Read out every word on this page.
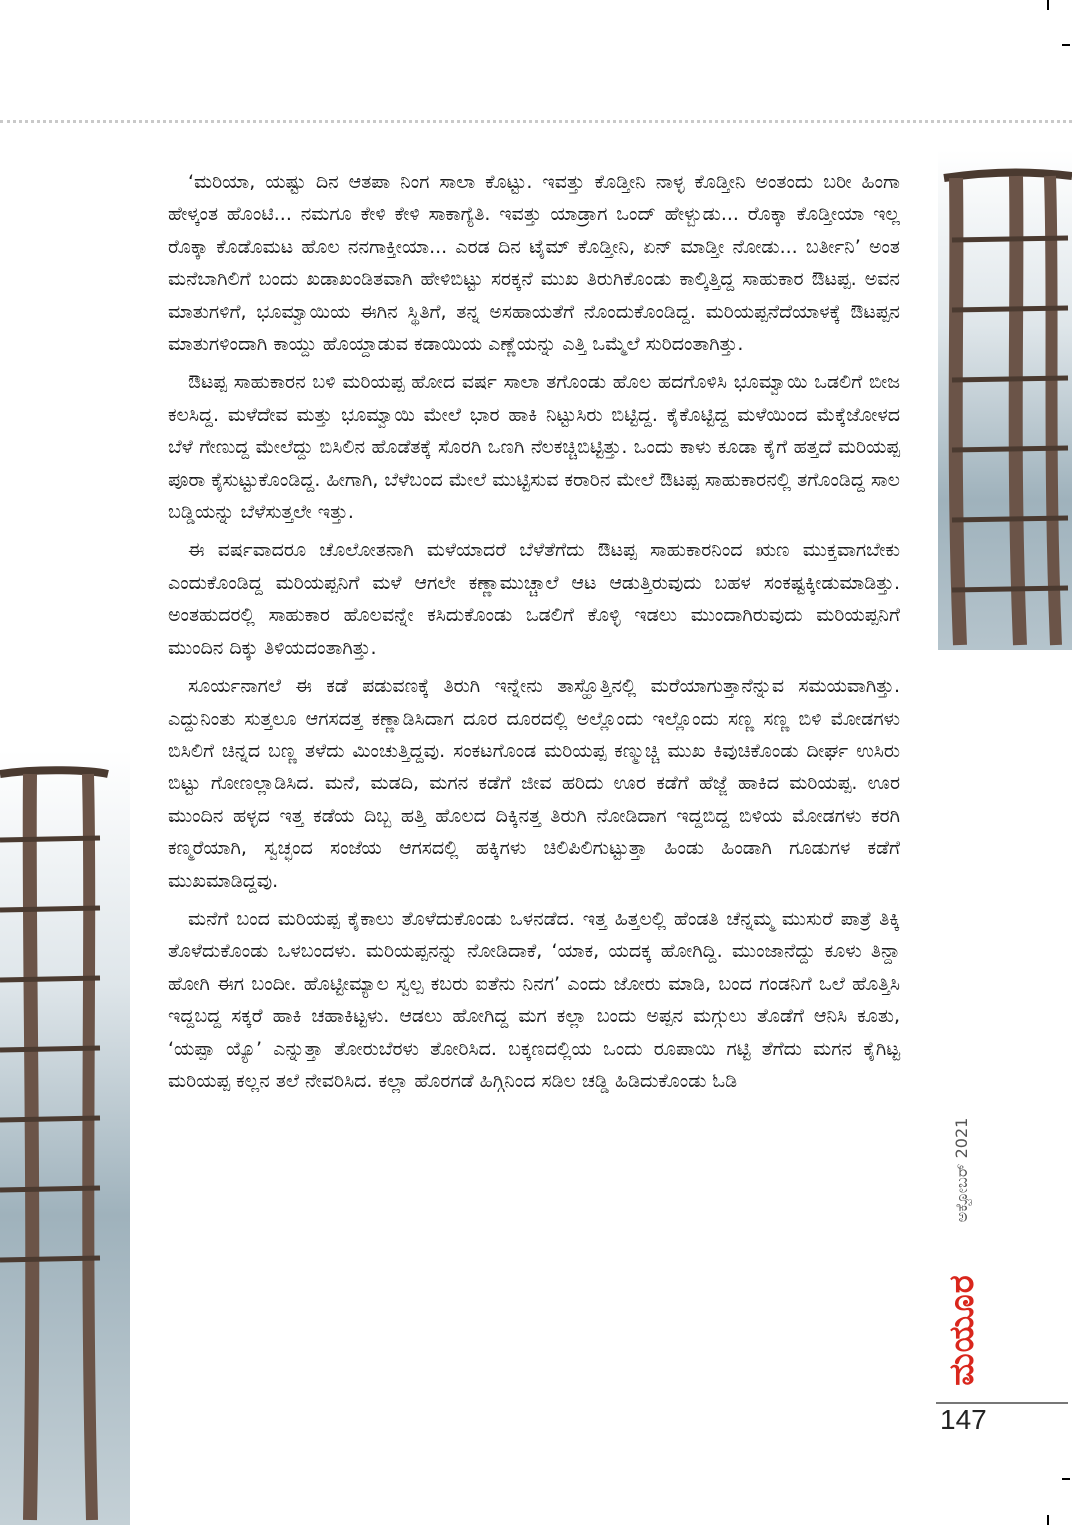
‘ಮರಿಯಾ, ಯಷ್ಟು ದಿನ ಆತಪಾ ನಿಂಗ ಸಾಲಾ ಕೊಟ್ಟು. ಇವತ್ತು ಕೊಡ್ತೀನಿ ನಾಳ್ಳ ಕೊಡ್ತೀನಿ ಅಂತಂದು ಬರೀ ಹಿಂಗಾ ಹೇಳ್ಕಂತ ಹೊಂಟಿ... ನಮಗೂ ಕೇಳಿ ಕೇಳಿ ಸಾಕಾಗ್ಯೆತಿ. ಇವತ್ತು ಯಾಡ್ರಾಗ ಒಂದ್ ಹೇಳ್ಬುಡು... ರೊಕ್ಕಾ ಕೊಡ್ತೀಯಾ ಇಲ್ಲ ರೊಕ್ಕಾ ಕೊಡೊಮಟ ಹೊಲ ನನಗಾಕ್ತೀಯಾ... ಎರಡ ದಿನ ಟೈಮ್ ಕೊಡ್ತೀನಿ, ಏನ್ ಮಾಡ್ತೀ ನೋಡು... ಬರ್ತೀನಿ’ ಅಂತ ಮನೆಬಾಗಿಲಿಗೆ ಬಂದು ಖಡಾಖಂಡಿತವಾಗಿ ಹೇಳಿಬಿಟ್ಟು ಸರಕ್ಕನೆ ಮುಖ ತಿರುಗಿಕೊಂಡು ಕಾಲ್ಕಿತ್ತಿದ್ದ ಸಾಹುಕಾರ ಔಟಪ್ಪ. ಅವನ ಮಾತುಗಳಿಗೆ, ಭೂಮ್ವಾಯಿಯ ಈಗಿನ ಸ್ಥಿತಿಗೆ, ತನ್ನ ಅಸಹಾಯತೆಗೆ ನೊಂದುಕೊಂಡಿದ್ದ. ಮರಿಯಪ್ಪನೆದೆಯಾಳಕ್ಕೆ ಔಟಪ್ಪನ ಮಾತುಗಳಿಂದಾಗಿ ಕಾಯ್ದು ಹೊಯ್ದಾಡುವ ಕಡಾಯಿಯ ಎಣ್ಣೆಯನ್ನು ಎತ್ತಿ ಒಮ್ಮೆಲೆ ಸುರಿದಂತಾಗಿತ್ತು.

ಔಟಪ್ಪ ಸಾಹುಕಾರನ ಬಳಿ ಮರಿಯಪ್ಪ ಹೋದ ವರ್ಷ ಸಾಲಾ ತಗೊಂಡು ಹೊಲ ಹದಗೊಳಿಸಿ ಭೂಮ್ವಾಯಿ ಒಡಲಿಗೆ ಬೀಜ ಕಲಸಿದ್ದ. ಮಳೆದೇವ ಮತ್ತು ಭೂಮ್ವಾಯಿ ಮೇಲೆ ಭಾರ ಹಾಕಿ ನಿಟ್ಟುಸಿರು ಬಿಟ್ಟಿದ್ದ. ಕೈಕೊಟ್ಟಿದ್ದ ಮಳೆಯಿಂದ ಮೆಕ್ಕೆಜೋಳದ ಬೆಳೆ ಗೇಣುದ್ದ ಮೇಲೆದ್ದು ಬಿಸಿಲಿನ ಹೊಡೆತಕ್ಕೆ ಸೊರಗಿ ಒಣಗಿ ನೆಲಕಚ್ಚಿಬಿಟ್ಟಿತ್ತು. ಒಂದು ಕಾಳು ಕೂಡಾ ಕೈಗೆ ಹತ್ತದೆ ಮರಿಯಪ್ಪ ಪೂರಾ ಕೈಸುಟ್ಟುಕೊಂಡಿದ್ದ. ಹೀಗಾಗಿ, ಬೆಳೆಬಂದ ಮೇಲೆ ಮುಟ್ಟಿಸುವ ಕರಾರಿನ ಮೇಲೆ ಔಟಪ್ಪ ಸಾಹುಕಾರನಲ್ಲಿ ತಗೊಂಡಿದ್ದ ಸಾಲ ಬಡ್ಡಿಯನ್ನು ಬೆಳೆಸುತ್ತಲೇ ಇತ್ತು.

ಈ ವರ್ಷವಾದರೂ ಚೊಲೋತನಾಗಿ ಮಳೆಯಾದರೆ ಬೆಳೆತೆಗೆದು ಔಟಪ್ಪ ಸಾಹುಕಾರನಿಂದ ಋಣ ಮುಕ್ತವಾಗಬೇಕು ಎಂದುಕೊಂಡಿದ್ದ ಮರಿಯಪ್ಪನಿಗೆ ಮಳೆ ಆಗಲೇ ಕಣ್ಣಾಮುಚ್ಚಾಲೆ ಆಟ ಆಡುತ್ತಿರುವುದು ಬಹಳ ಸಂಕಷ್ಟಕ್ಕೀಡುಮಾಡಿತ್ತು. ಅಂತಹುದರಲ್ಲಿ ಸಾಹುಕಾರ ಹೊಲವನ್ನೇ ಕಸಿದುಕೊಂಡು ಒಡಲಿಗೆ ಕೊಳ್ಳಿ ಇಡಲು ಮುಂದಾಗಿರುವುದು ಮರಿಯಪ್ಪನಿಗೆ ಮುಂದಿನ ದಿಕ್ಕು ತಿಳಿಯದಂತಾಗಿತ್ತು.

ಸೂರ್ಯನಾಗಲೆ ಈ ಕಡೆ ಪಡುವಣಕ್ಕೆ ತಿರುಗಿ ಇನ್ನೇನು ತಾಸ್ಹೊತ್ತಿನಲ್ಲಿ ಮರೆಯಾಗುತ್ತಾನೆನ್ನುವ ಸಮಯವಾಗಿತ್ತು. ಎದ್ದುನಿಂತು ಸುತ್ತಲೂ ಆಗಸದತ್ತ ಕಣ್ಣಾಡಿಸಿದಾಗ ದೂರ ದೂರದಲ್ಲಿ ಅಲ್ಲೊಂದು ಇಲ್ಲೊಂದು ಸಣ್ಣ ಸಣ್ಣ ಬಿಳಿ ಮೋಡಗಳು ಬಿಸಿಲಿಗೆ ಚಿನ್ನದ ಬಣ್ಣ ತಳೆದು ಮಿಂಚುತ್ತಿದ್ದವು. ಸಂಕಟಗೊಂಡ ಮರಿಯಪ್ಪ ಕಣ್ಮುಚ್ಚಿ ಮುಖ ಕಿವುಚಿಕೊಂಡು ದೀರ್ಘ ಉಸಿರು ಬಿಟ್ಟು ಗೋಣಲ್ಲಾಡಿಸಿದ. ಮನೆ, ಮಡದಿ, ಮಗನ ಕಡೆಗೆ ಜೀವ ಹರಿದು ಊರ ಕಡೆಗೆ ಹೆಜ್ಜೆ ಹಾಕಿದ ಮರಿಯಪ್ಪ. ಊರ ಮುಂದಿನ ಹಳ್ಳದ ಇತ್ತ ಕಡೆಯ ದಿಬ್ಬ ಹತ್ತಿ ಹೊಲದ ದಿಕ್ಕಿನತ್ತ ತಿರುಗಿ ನೋಡಿದಾಗ ಇದ್ದಬಿದ್ದ ಬಿಳಿಯ ಮೋಡಗಳು ಕರಗಿ ಕಣ್ಮರೆಯಾಗಿ, ಸ್ವಚ್ಛಂದ ಸಂಜೆಯ ಆಗಸದಲ್ಲಿ ಹಕ್ಕಿಗಳು ಚಿಲಿಪಿಲಿಗುಟ್ಟುತ್ತಾ ಹಿಂಡು ಹಿಂಡಾಗಿ ಗೂಡುಗಳ ಕಡೆಗೆ ಮುಖಮಾಡಿದ್ದವು.

ಮನೆಗೆ ಬಂದ ಮರಿಯಪ್ಪ ಕೈಕಾಲು ತೊಳೆದುಕೊಂಡು ಒಳನಡೆದ. ಇತ್ತ ಹಿತ್ತಲಲ್ಲಿ ಹೆಂಡತಿ ಚೆನ್ನಮ್ಮ ಮುಸುರೆ ಪಾತ್ರೆ ತಿಕ್ಕಿ ತೊಳೆದುಕೊಂಡು ಒಳಬಂದಳು. ಮರಿಯಪ್ಪನನ್ನು ನೋಡಿದಾಕೆ, ‘ಯಾಕ, ಯದಕ್ಕ ಹೋಗಿದ್ದಿ. ಮುಂಜಾನೆದ್ದು ಕೂಳು ತಿನ್ದಾ ಹೋಗಿ ಈಗ ಬಂದೀ. ಹೊಟ್ಟೀಮ್ಯಾಲ ಸ್ವಲ್ಪ ಕಬರು ಐತೆನು ನಿನಗ’ ಎಂದು ಜೋರು ಮಾಡಿ, ಬಂದ ಗಂಡನಿಗೆ ಒಲೆ ಹೊತ್ತಿಸಿ ಇದ್ದಬದ್ದ ಸಕ್ಕರೆ ಹಾಕಿ ಚಹಾಕಿಟ್ಟಳು. ಆಡಲು ಹೋಗಿದ್ದ ಮಗ ಕಲ್ಲಾ ಬಂದು ಅಪ್ಪನ ಮಗ್ಗುಲು ತೊಡೆಗೆ ಆನಿಸಿ ಕೂತು, ‘ಯಪ್ಪಾ ಯ್ಯೊ’ ಎನ್ನುತ್ತಾ ತೋರುಬೆರಳು ತೋರಿಸಿದ. ಬಕ್ಕಣದಲ್ಲಿಯ ಒಂದು ರೂಪಾಯಿ ಗಟ್ಟಿ ತೆಗೆದು ಮಗನ ಕೈಗಿಟ್ಟ ಮರಿಯಪ್ಪ ಕಲ್ಲನ ತಲೆ ನೇವರಿಸಿದ. ಕಲ್ಲಾ ಹೊರಗಡೆ ಹಿಗ್ಗಿನಿಂದ ಸಡಿಲ ಚಡ್ಡಿ ಹಿಡಿದುಕೊಂಡು ಓಡಿ

ಅಕ್ಟೋಬರ್ 2021
ಮಯೂರ
147
